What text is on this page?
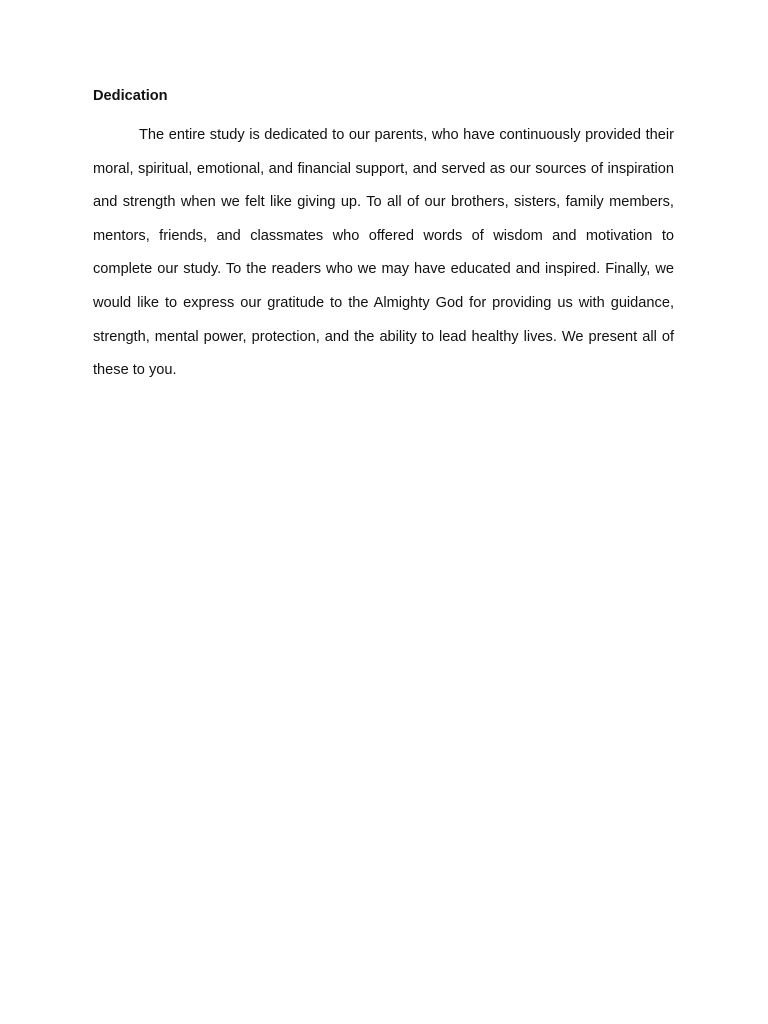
Dedication

The entire study is dedicated to our parents, who have continuously provided their moral, spiritual, emotional, and financial support, and served as our sources of inspiration and strength when we felt like giving up. To all of our brothers, sisters, family members, mentors, friends, and classmates who offered words of wisdom and motivation to complete our study. To the readers who we may have educated and inspired. Finally, we would like to express our gratitude to the Almighty God for providing us with guidance, strength, mental power, protection, and the ability to lead healthy lives. We present all of these to you.
